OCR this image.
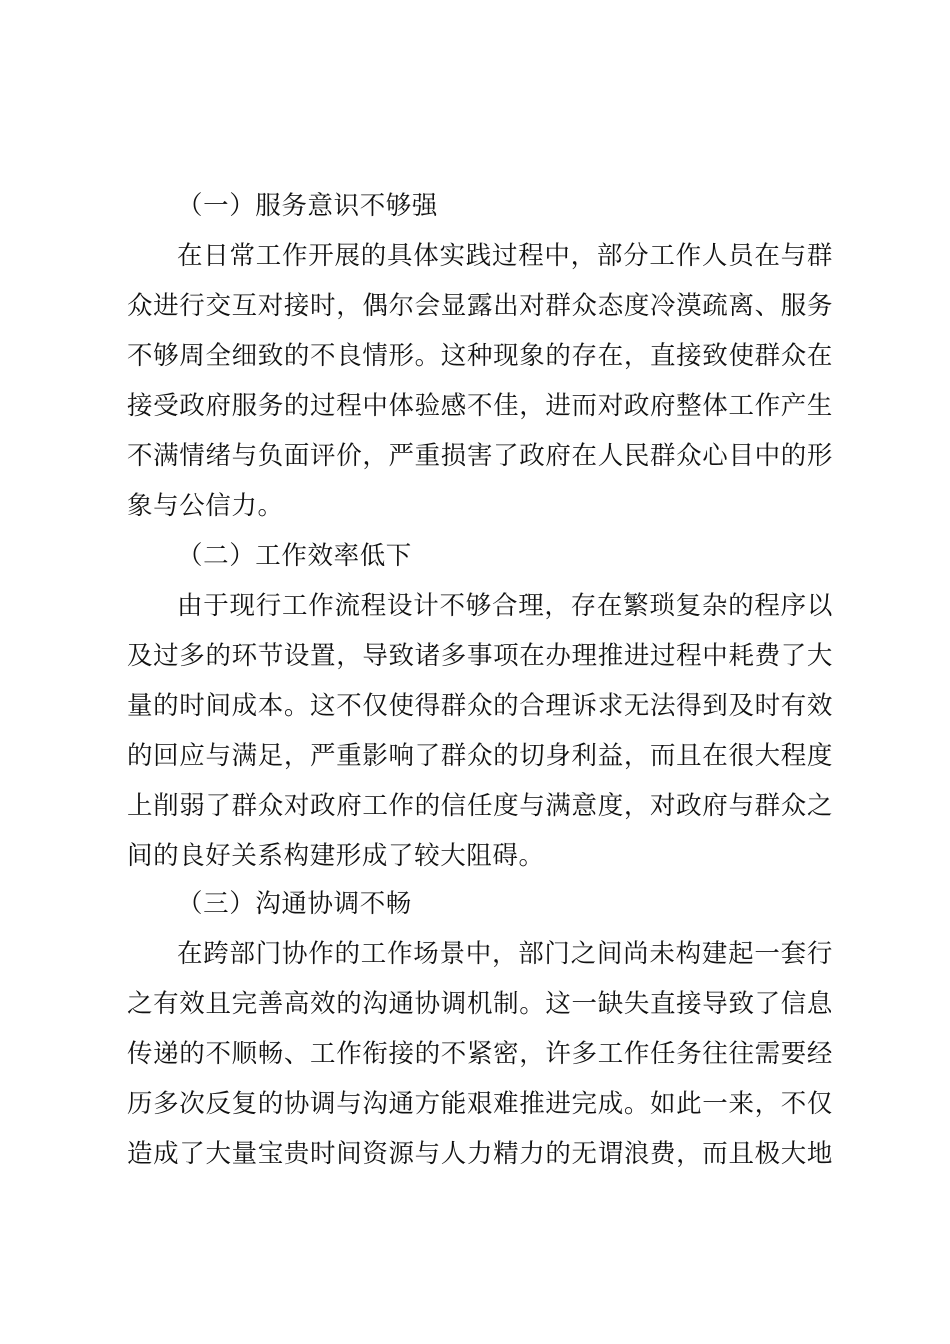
（一）服务意识不够强
在日常工作开展的具体实践过程中，部分工作人员在与群
众进行交互对接时，偶尔会显露出对群众态度冷漠疏离、服务
不够周全细致的不良情形。这种现象的存在，直接致使群众在
接受政府服务的过程中体验感不佳，进而对政府整体工作产生
不满情绪与负面评价，严重损害了政府在人民群众心目中的形
象与公信力。
（二）工作效率低下
由于现行工作流程设计不够合理，存在繁琐复杂的程序以
及过多的环节设置，导致诸多事项在办理推进过程中耗费了大
量的时间成本。这不仅使得群众的合理诉求无法得到及时有效
的回应与满足，严重影响了群众的切身利益，而且在很大程度
上削弱了群众对政府工作的信任度与满意度，对政府与群众之
间的良好关系构建形成了较大阻碍。
（三）沟通协调不畅
在跨部门协作的工作场景中，部门之间尚未构建起一套行
之有效且完善高效的沟通协调机制。这一缺失直接导致了信息
传递的不顺畅、工作衔接的不紧密，许多工作任务往往需要经
历多次反复的协调与沟通方能艰难推进完成。如此一来，不仅
造成了大量宝贵时间资源与人力精力的无谓浪费，而且极大地
